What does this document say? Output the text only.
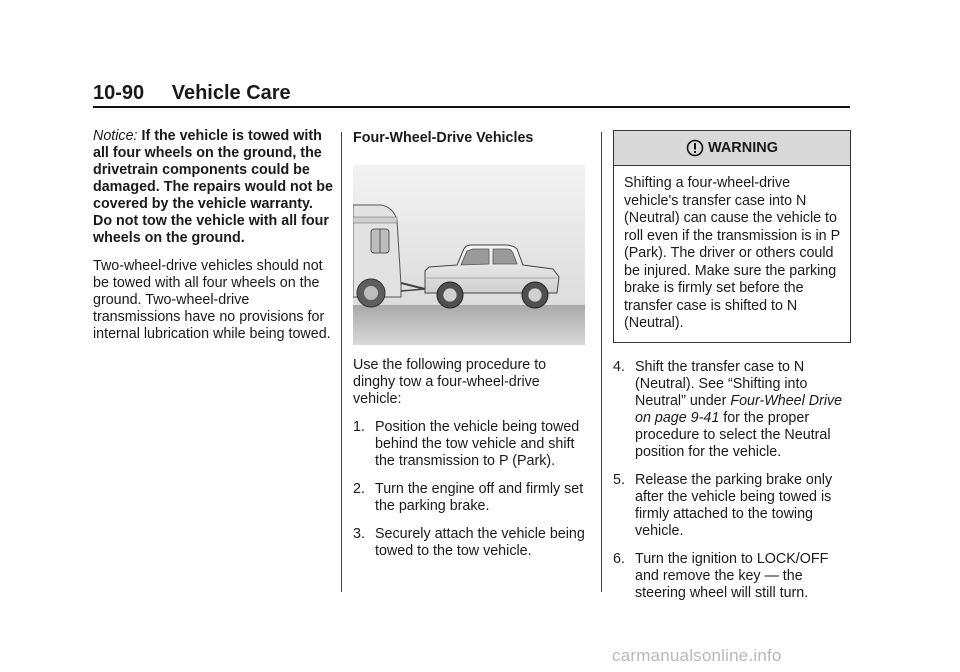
10-90 Vehicle Care

Notice: If the vehicle is towed with all four wheels on the ground, the drivetrain components could be damaged. The repairs would not be covered by the vehicle warranty. Do not tow the vehicle with all four wheels on the ground.

Two-wheel-drive vehicles should not be towed with all four wheels on the ground. Two-wheel-drive transmissions have no provisions for internal lubrication while being towed.

Four-Wheel-Drive Vehicles

Use the following procedure to dinghy tow a four-wheel-drive vehicle:

1. Position the vehicle being towed behind the tow vehicle and shift the transmission to P (Park).
2. Turn the engine off and firmly set the parking brake.
3. Securely attach the vehicle being towed to the tow vehicle.
WARNING
Shifting a four-wheel-drive vehicle's transfer case into N (Neutral) can cause the vehicle to roll even if the transmission is in P (Park). The driver or others could be injured. Make sure the parking brake is firmly set before the transfer case is shifted to N (Neutral).
4. Shift the transfer case to N (Neutral). See “Shifting into Neutral” under Four-Wheel Drive on page 9-41 for the proper procedure to select the Neutral position for the vehicle.
5. Release the parking brake only after the vehicle being towed is firmly attached to the towing vehicle.
6. Turn the ignition to LOCK/OFF and remove the key — the steering wheel will still turn.
carmanualsonline.info
